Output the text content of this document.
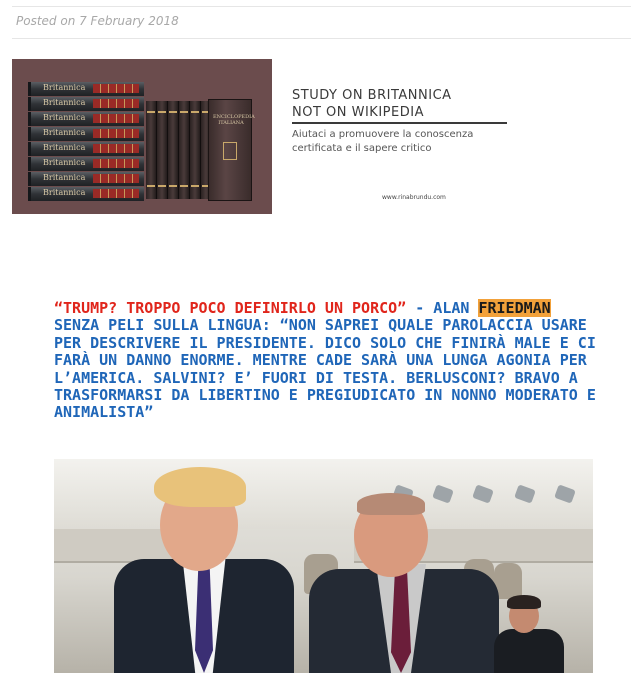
Posted on 7 February 2018
Britannica
Britannica
Britannica
Britannica
Britannica
Britannica
Britannica
Britannica
ENCICLOPEDIA ITALIANA
STUDY ON BRITANNICA
NOT ON WIKIPEDIA
Aiutaci a promuovere la conoscenza
certificata e il sapere critico
www.rinabrundu.com
“TRUMP? TROPPO POCO DEFINIRLO UN PORCO” - ALAN FRIEDMAN SENZA PELI SULLA LINGUA: “NON SAPREI QUALE PAROLACCIA USARE PER DESCRIVERE IL PRESIDENTE. DICO SOLO CHE FINIRÀ MALE E CI FARÀ UN DANNO ENORME. MENTRE CADE SARÀ UNA LUNGA AGONIA PER L’AMERICA. SALVINI? E’ FUORI DI TESTA. BERLUSCONI? BRAVO A TRASFORMARSI DA LIBERTINO E PREGIUDICATO IN NONNO MODERATO E ANIMALISTA”
